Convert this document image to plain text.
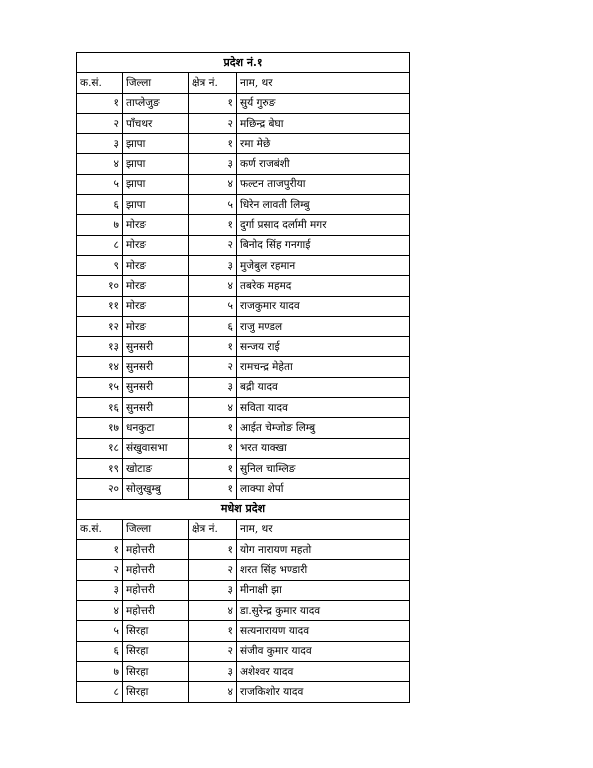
प्रदेश नं.१			
क.सं.	जिल्ला	क्षेत्र नं.	नाम, थर
१	ताप्लेजुङ	१	सुर्य गुरुङ
२	पाँचथर	२	मछिन्द्र बेघा
३	झापा	१	रमा मेछे
४	झापा	३	कर्ण राजबंशी
५	झापा	४	फल्टन ताजपुरीया
६	झापा	५	धिरेन लावती लिम्बु
७	मोरङ	१	दुर्गा प्रसाद दर्लामी मगर
८	मोरङ	२	बिनोद सिंह गनगाई
९	मोरङ	३	मुजेबुल रहमान
१०	मोरङ	४	तबरेक महमद
११	मोरङ	५	राजकुमार यादव
१२	मोरङ	६	राजु मण्डल
१३	सुनसरी	१	सन्जय राई
१४	सुनसरी	२	रामचन्द्र मेहेता
१५	सुनसरी	३	बद्री यादव
१६	सुनसरी	४	सविता यादव
१७	धनकुटा	१	आईत चेम्जोङ लिम्बु
१८	संखुवासभा	१	भरत याक्खा
१९	खोटाङ	१	सुनिल चाम्लिङ
२०	सोलुखुम्बु	१	लाक्पा शेर्पा
मधेश प्रदेश			
क.सं.	जिल्ला	क्षेत्र नं.	नाम, थर
१	महोत्तरी	१	योग नारायण महतो
२	महोत्तरी	२	शरत सिंह भण्डारी
३	महोत्तरी	३	मीनाक्षी झा
४	महोत्तरी	४	डा.सुरेन्द्र कुमार यादव
५	सिरहा	१	सत्यनारायण यादव
६	सिरहा	२	संजीव कुमार यादव
७	सिरहा	३	अशेश्वर यादव
८	सिरहा	४	राजकिशोर यादव
